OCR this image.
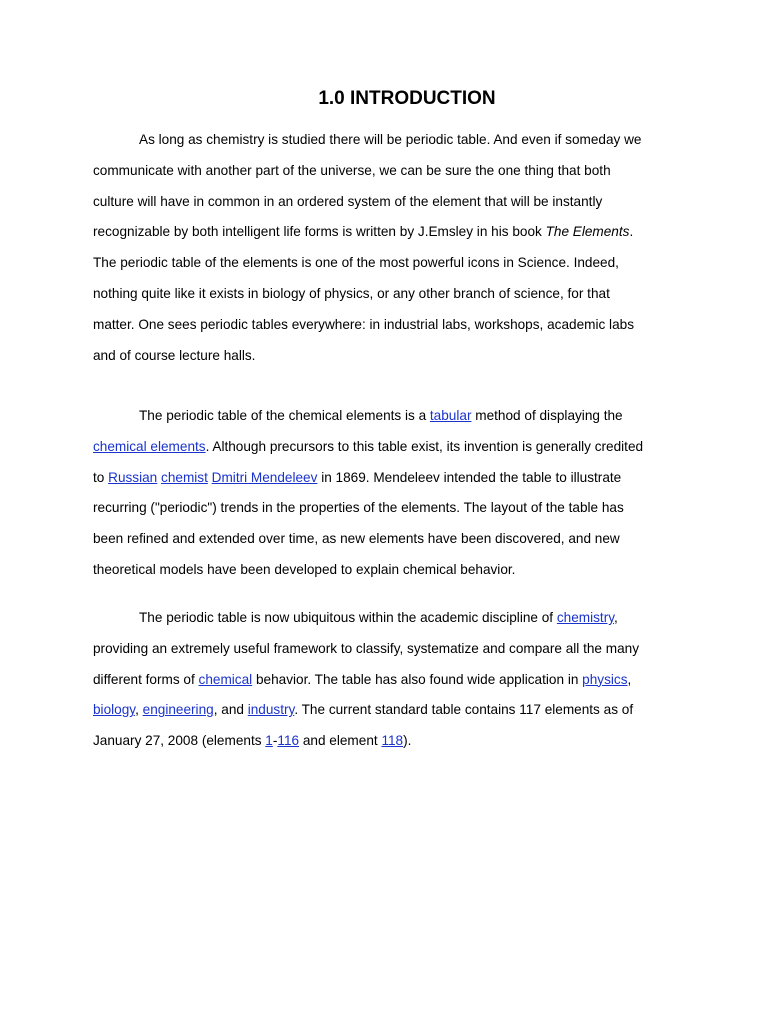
1.0 INTRODUCTION
As long as chemistry is studied there will be periodic table. And even if someday we
communicate with another part of the universe, we can be sure the one thing that both
culture will have in common in an ordered system of the element that will be instantly
recognizable by both intelligent life forms is written by J.Emsley in his book The Elements.
The periodic table of the elements is one of the most powerful icons in Science. Indeed,
nothing quite like it exists in biology of physics, or any other branch of science, for that
matter. One sees periodic tables everywhere: in industrial labs, workshops, academic labs
and of course lecture halls.
The periodic table of the chemical elements is a tabular method of displaying the
chemical elements. Although precursors to this table exist, its invention is generally credited
to Russian chemist Dmitri Mendeleev in 1869. Mendeleev intended the table to illustrate
recurring ("periodic") trends in the properties of the elements. The layout of the table has
been refined and extended over time, as new elements have been discovered, and new
theoretical models have been developed to explain chemical behavior.
The periodic table is now ubiquitous within the academic discipline of chemistry,
providing an extremely useful framework to classify, systematize and compare all the many
different forms of chemical behavior. The table has also found wide application in physics,
biology, engineering, and industry. The current standard table contains 117 elements as of
January 27, 2008 (elements 1-116 and element 118).
